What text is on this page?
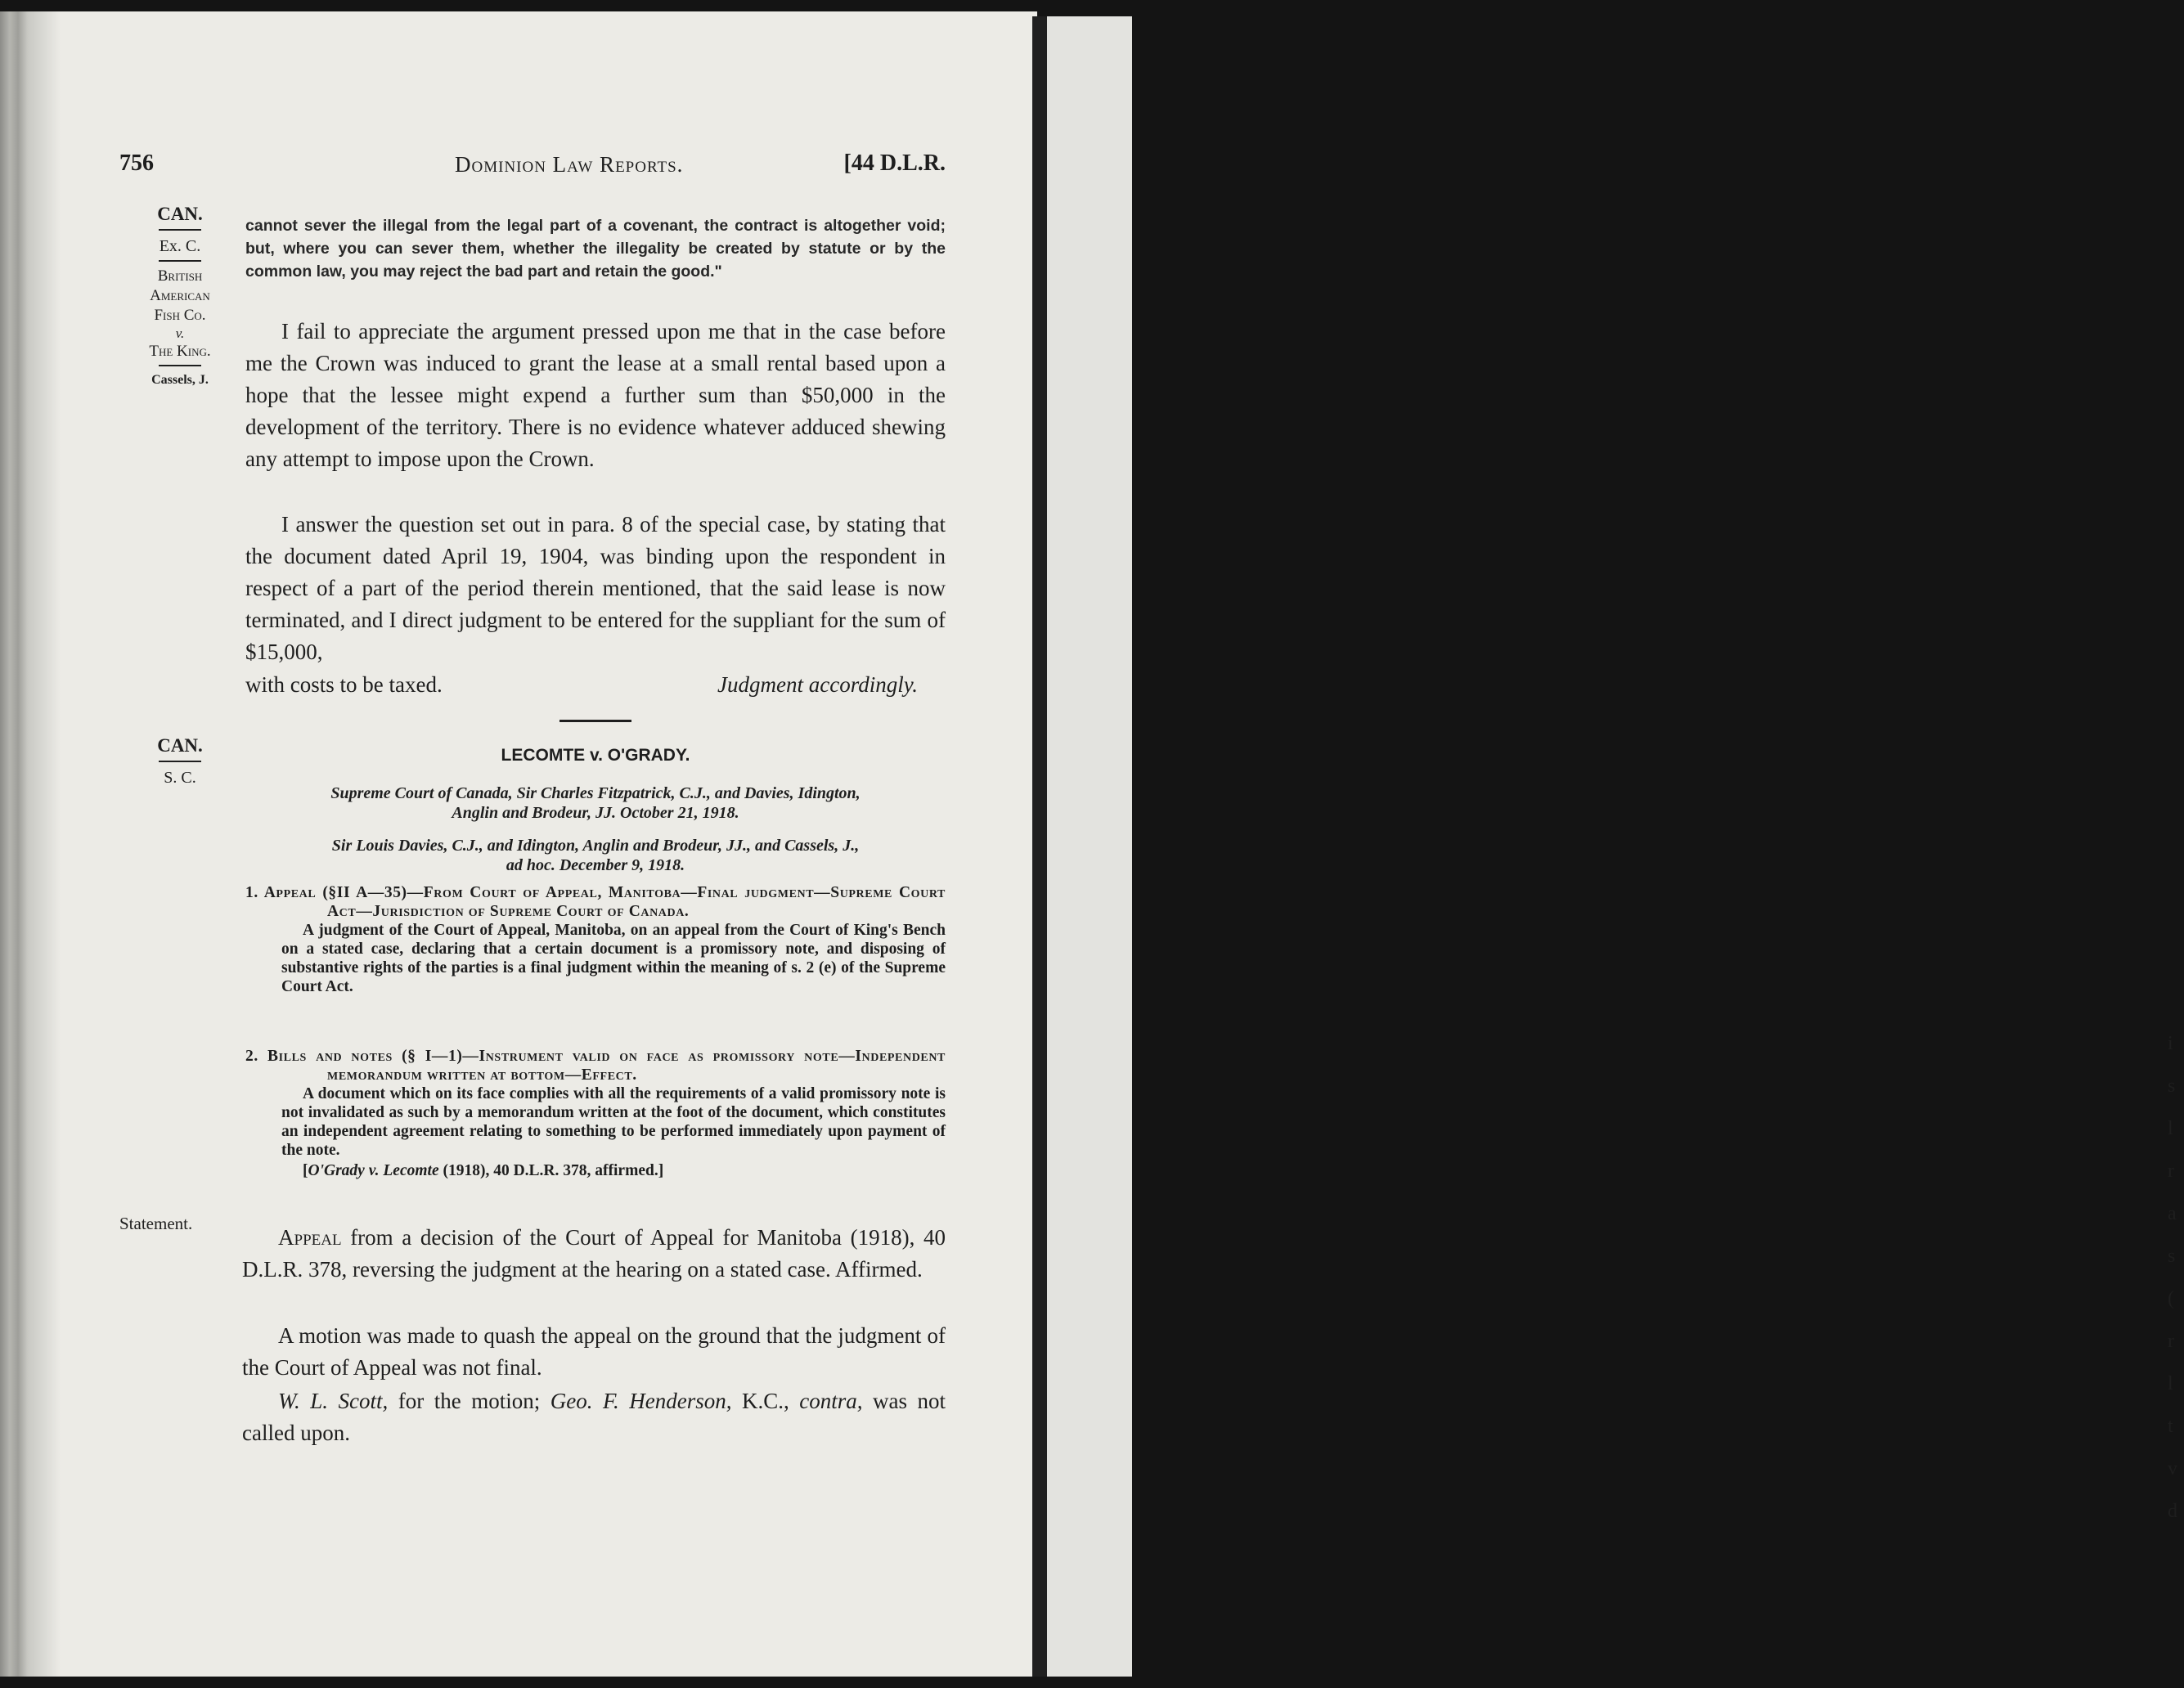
i
s
l
r
a
s
(
r
l
t
v
d
756	Dominion Law Reports.	[44 D.L.R.
CAN.
Ex. C.
British
American
Fish Co.
v.
The King.
Cassels, J.
CAN.
S. C.
Statement.
cannot sever the illegal from the legal part of a covenant, the contract is altogether void; but, where you can sever them, whether the illegality be created by statute or by the common law, you may reject the bad part and retain the good."

I fail to appreciate the argument pressed upon me that in the case before me the Crown was induced to grant the lease at a small rental based upon a hope that the lessee might expend a further sum than $50,000 in the development of the territory. There is no evidence whatever adduced shewing any attempt to impose upon the Crown.

I answer the question set out in para. 8 of the special case, by stating that the document dated April 19, 1904, was binding upon the respondent in respect of a part of the period therein mentioned, that the said lease is now terminated, and I direct judgment to be entered for the suppliant for the sum of $15,000,

with costs to be taxed.	Judgment accordingly.

LECOMTE v. O'GRADY.
Supreme Court of Canada, Sir Charles Fitzpatrick, C.J., and Davies, Idington,
Anglin and Brodeur, JJ. October 21, 1918.
Sir Louis Davies, C.J., and Idington, Anglin and Brodeur, JJ., and Cassels, J.,
ad hoc. December 9, 1918.
1. Appeal (§II A—35)—From Court of Appeal, Manitoba—Final judgment—Supreme Court Act—Jurisdiction of Supreme Court of Canada.
A judgment of the Court of Appeal, Manitoba, on an appeal from the Court of King's Bench on a stated case, declaring that a certain document is a promissory note, and disposing of substantive rights of the parties is a final judgment within the meaning of s. 2 (e) of the Supreme Court Act.
2. Bills and notes (§ I—1)—Instrument valid on face as promissory note—Independent memorandum written at bottom—Effect.
A document which on its face complies with all the requirements of a valid promissory note is not invalidated as such by a memorandum written at the foot of the document, which constitutes an independent agreement relating to something to be performed immediately upon payment of the note.
[O'Grady v. Lecomte (1918), 40 D.L.R. 378, affirmed.]

Appeal from a decision of the Court of Appeal for Manitoba (1918), 40 D.L.R. 378, reversing the judgment at the hearing on a stated case. Affirmed.

A motion was made to quash the appeal on the ground that the judgment of the Court of Appeal was not final.

W. L. Scott, for the motion; Geo. F. Henderson, K.C., contra, was not called upon.
